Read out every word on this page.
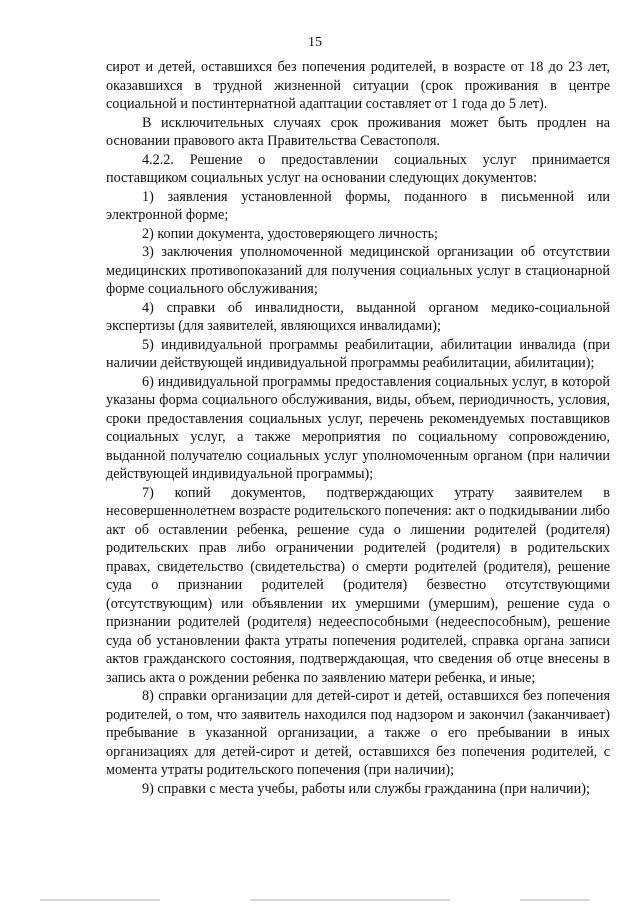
15

сирот и детей, оставшихся без попечения родителей, в возрасте от 18 до 23 лет, оказавшихся в трудной жизненной ситуации (срок проживания в центре социальной и постинтернатной адаптации составляет от 1 года до 5 лет).

В исключительных случаях срок проживания может быть продлен на основании правового акта Правительства Севастополя.

4.2.2. Решение о предоставлении социальных услуг принимается поставщиком социальных услуг на основании следующих документов:

1) заявления установленной формы, поданного в письменной или электронной форме;

2) копии документа, удостоверяющего личность;

3) заключения уполномоченной медицинской организации об отсутствии медицинских противопоказаний для получения социальных услуг в стационарной форме социального обслуживания;

4) справки об инвалидности, выданной органом медико-социальной экспертизы (для заявителей, являющихся инвалидами);

5) индивидуальной программы реабилитации, абилитации инвалида (при наличии действующей индивидуальной программы реабилитации, абилитации);

6) индивидуальной программы предоставления социальных услуг, в которой указаны форма социального обслуживания, виды, объем, периодичность, условия, сроки предоставления социальных услуг, перечень рекомендуемых поставщиков социальных услуг, а также мероприятия по социальному сопровождению, выданной получателю социальных услуг уполномоченным органом (при наличии действующей индивидуальной программы);

7) копий документов, подтверждающих утрату заявителем в несовершеннолетнем возрасте родительского попечения: акт о подкидывании либо акт об оставлении ребенка, решение суда о лишении родителей (родителя) родительских прав либо ограничении родителей (родителя) в родительских правах, свидетельство (свидетельства) о смерти родителей (родителя), решение суда о признании родителей (родителя) безвестно отсутствующими (отсутствующим) или объявлении их умершими (умершим), решение суда о признании родителей (родителя) недееспособными (недееспособным), решение суда об установлении факта утраты попечения родителей, справка органа записи актов гражданского состояния, подтверждающая, что сведения об отце внесены в запись акта о рождении ребенка по заявлению матери ребенка, и иные;

8) справки организации для детей-сирот и детей, оставшихся без попечения родителей, о том, что заявитель находился под надзором и закончил (заканчивает) пребывание в указанной организации, а также о его пребывании в иных организациях для детей-сирот и детей, оставшихся без попечения родителей, с момента утраты родительского попечения (при наличии);

9) справки с места учебы, работы или службы гражданина (при наличии);
